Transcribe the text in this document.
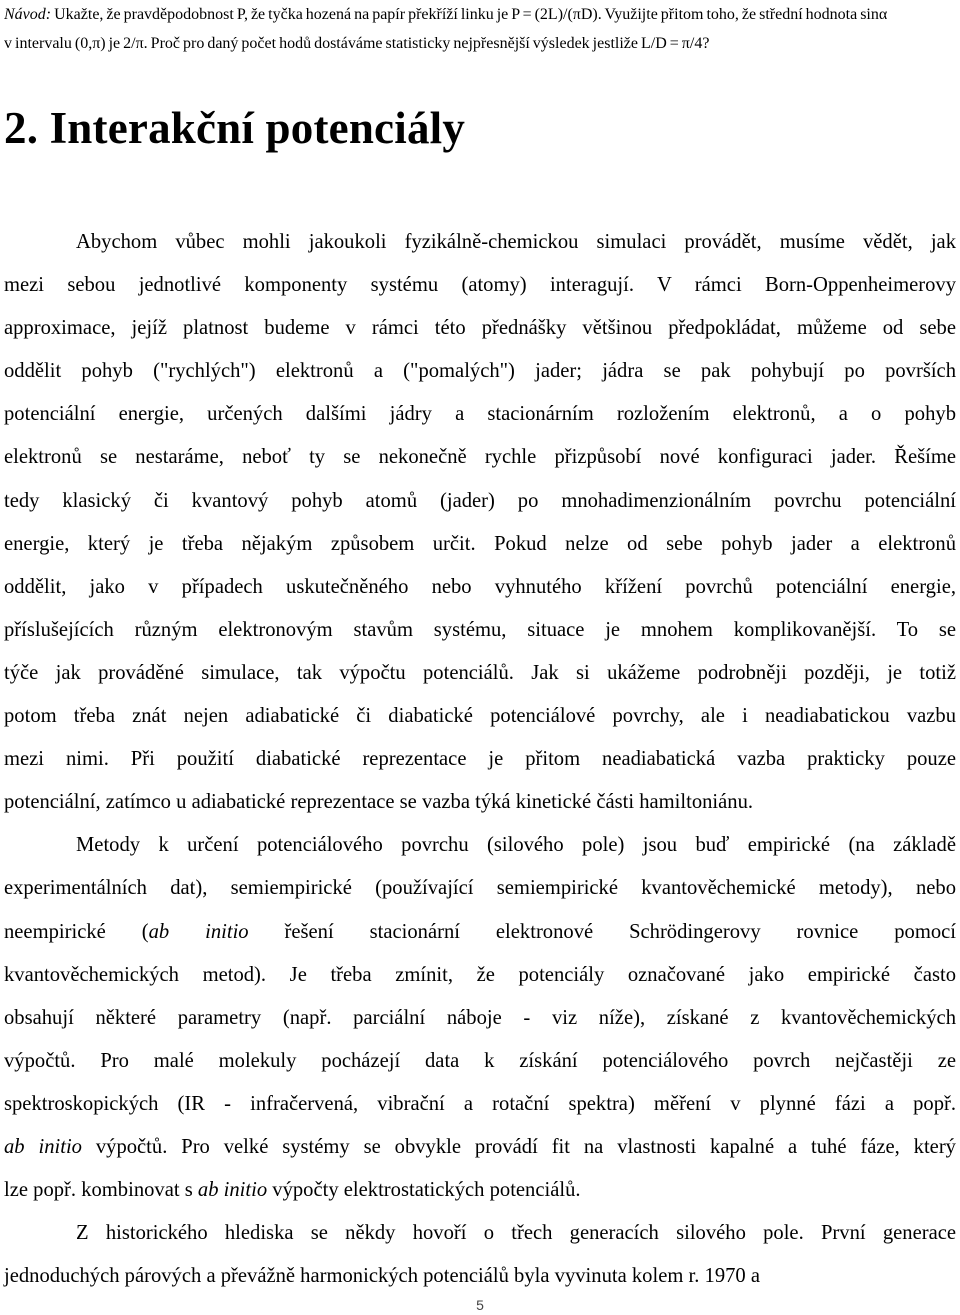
Návod: Ukažte, že pravděpodobnost P, že tyčka hozená na papír překříží linku je P = (2L)/(πD). Využijte přitom toho, že střední hodnota sinα
v intervalu (0,π) je 2/π. Proč pro daný počet hodů dostáváme statisticky nejpřesnější výsledek jestliže L/D = π/4?
2. Interakční potenciály

Abychom vůbec mohli jakoukoli fyzikálně-chemickou simulaci provádět, musíme vědět, jak
mezi sebou jednotlivé komponenty systému (atomy) interagují. V rámci Born-Oppenheimerovy
approximace, jejíž platnost budeme v rámci této přednášky většinou předpokládat, můžeme od sebe
oddělit pohyb ("rychlých") elektronů a ("pomalých") jader; jádra se pak pohybují po površích
potenciální energie, určených dalšími jádry a stacionárním rozložením elektronů, a o pohyb
elektronů se nestaráme, neboť ty se nekonečně rychle přizpůsobí nové konfiguraci jader. Řešíme
tedy klasický či kvantový pohyb atomů (jader) po mnohadimenzionálním povrchu potenciální
energie, který je třeba nějakým způsobem určit. Pokud nelze od sebe pohyb jader a elektronů
oddělit, jako v případech uskutečněného nebo vyhnutého křížení povrchů potenciální energie,
příslušejících různým elektronovým stavům systému, situace je mnohem komplikovanější. To se
týče jak prováděné simulace, tak výpočtu potenciálů. Jak si ukážeme podrobněji později, je totiž
potom třeba znát nejen adiabatické či diabatické potenciálové povrchy, ale i neadiabatickou vazbu
mezi nimi. Při použití diabatické reprezentace je přitom neadiabatická vazba prakticky pouze
potenciální, zatímco u adiabatické reprezentace se vazba týká kinetické části hamiltoniánu.

Metody k určení potenciálového povrchu (silového pole) jsou buď empirické (na základě
experimentálních dat), semiempirické (používající semiempirické kvantověchemické metody), nebo
neempirické (ab initio řešení stacionární elektronové Schrödingerovy rovnice pomocí
kvantověchemických metod). Je třeba zmínit, že potenciály označované jako empirické často
obsahují některé parametry (např. parciální náboje - viz níže), získané z kvantověchemických
výpočtů. Pro malé molekuly pocházejí data k získání potenciálového povrch nejčastěji ze
spektroskopických (IR - infračervená, vibrační a rotační spektra) měření v plynné fázi a popř.
ab initio výpočtů. Pro velké systémy se obvykle provádí fit na vlastnosti kapalné a tuhé fáze, který
lze popř. kombinovat s ab initio výpočty elektrostatických potenciálů.

Z historického hlediska se někdy hovoří o třech generacích silového pole. První generace
jednoduchých párových a převážně harmonických potenciálů byla vyvinuta kolem r. 1970 a

5
